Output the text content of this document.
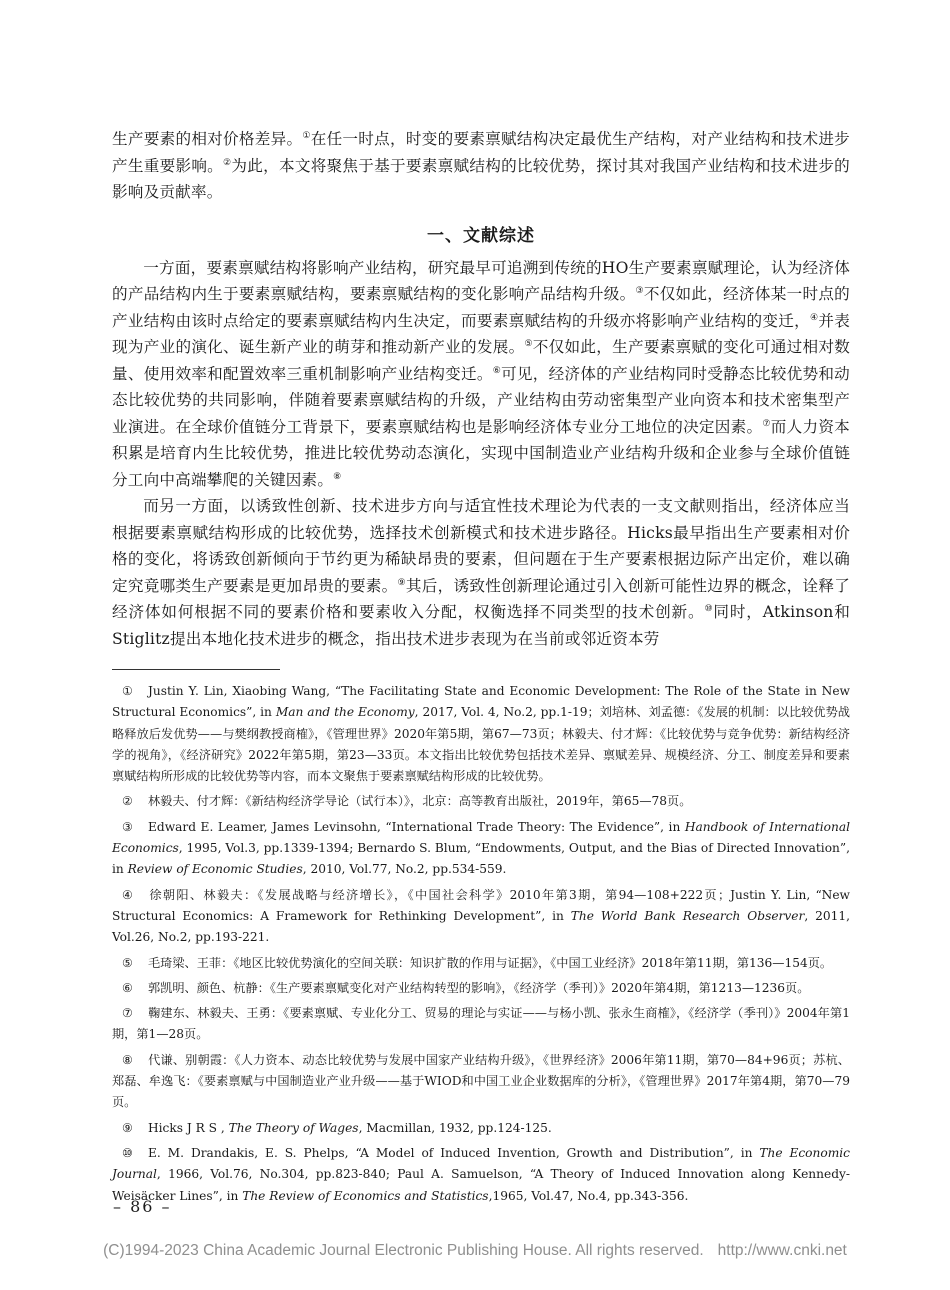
生产要素的相对价格差异。①在任一时点，时变的要素禀赋结构决定最优生产结构，对产业结构和技术进步产生重要影响。②为此，本文将聚焦于基于要素禀赋结构的比较优势，探讨其对我国产业结构和技术进步的影响及贡献率。

一、文献综述

一方面，要素禀赋结构将影响产业结构，研究最早可追溯到传统的HO生产要素禀赋理论，认为经济体的产品结构内生于要素禀赋结构，要素禀赋结构的变化影响产品结构升级。③不仅如此，经济体某一时点的产业结构由该时点给定的要素禀赋结构内生决定，而要素禀赋结构的升级亦将影响产业结构的变迁，④并表现为产业的演化、诞生新产业的萌芽和推动新产业的发展。⑤不仅如此，生产要素禀赋的变化可通过相对数量、使用效率和配置效率三重机制影响产业结构变迁。⑥可见，经济体的产业结构同时受静态比较优势和动态比较优势的共同影响，伴随着要素禀赋结构的升级，产业结构由劳动密集型产业向资本和技术密集型产业演进。在全球价值链分工背景下，要素禀赋结构也是影响经济体专业分工地位的决定因素。⑦而人力资本积累是培育内生比较优势，推进比较优势动态演化，实现中国制造业产业结构升级和企业参与全球价值链分工向中高端攀爬的关键因素。⑧

而另一方面，以诱致性创新、技术进步方向与适宜性技术理论为代表的一支文献则指出，经济体应当根据要素禀赋结构形成的比较优势，选择技术创新模式和技术进步路径。Hicks最早指出生产要素相对价格的变化，将诱致创新倾向于节约更为稀缺昂贵的要素，但问题在于生产要素根据边际产出定价，难以确定究竟哪类生产要素是更加昂贵的要素。⑨其后，诱致性创新理论通过引入创新可能性边界的概念，诠释了经济体如何根据不同的要素价格和要素收入分配，权衡选择不同类型的技术创新。⑩同时，Atkinson和Stiglitz提出本地化技术进步的概念，指出技术进步表现为在当前或邻近资本劳

① Justin Y. Lin, Xiaobing Wang, “The Facilitating State and Economic Development: The Role of the State in New Structural Economics”, in Man and the Economy, 2017, Vol. 4, No.2, pp.1-19；刘培林、刘孟德：《发展的机制：以比较优势战略释放后发优势——与樊纲教授商榷》，《管理世界》2020年第5期，第67—73页；林毅夫、付才辉：《比较优势与竞争优势：新结构经济学的视角》，《经济研究》2022年第5期，第23—33页。本文指出比较优势包括技术差异、禀赋差异、规模经济、分工、制度差异和要素禀赋结构所形成的比较优势等内容，而本文聚焦于要素禀赋结构形成的比较优势。

② 林毅夫、付才辉：《新结构经济学导论（试行本）》，北京：高等教育出版社，2019年，第65—78页。

③ Edward E. Leamer, James Levinsohn, “International Trade Theory: The Evidence”, in Handbook of International Economics, 1995, Vol.3, pp.1339-1394; Bernardo S. Blum, “Endowments, Output, and the Bias of Directed Innovation”, in Review of Economic Studies, 2010, Vol.77, No.2, pp.534-559.

④ 徐朝阳、林毅夫：《发展战略与经济增长》，《中国社会科学》2010年第3期，第94—108+222页；Justin Y. Lin, “New Structural Economics: A Framework for Rethinking Development”, in The World Bank Research Observer, 2011, Vol.26, No.2, pp.193-221.

⑤ 毛琦梁、王菲：《地区比较优势演化的空间关联：知识扩散的作用与证据》，《中国工业经济》2018年第11期，第136—154页。

⑥ 郭凯明、颜色、杭静：《生产要素禀赋变化对产业结构转型的影响》，《经济学（季刊）》2020年第4期，第1213—1236页。

⑦ 鞠建东、林毅夫、王勇：《要素禀赋、专业化分工、贸易的理论与实证——与杨小凯、张永生商榷》，《经济学（季刊）》2004年第1期，第1—28页。

⑧ 代谦、别朝霞：《人力资本、动态比较优势与发展中国家产业结构升级》，《世界经济》2006年第11期，第70—84+96页；苏杭、郑磊、牟逸飞：《要素禀赋与中国制造业产业升级——基于WIOD和中国工业企业数据库的分析》，《管理世界》2017年第4期，第70—79页。

⑨ Hicks J R S , The Theory of Wages, Macmillan, 1932, pp.124-125.

⑩ E. M. Drandakis, E. S. Phelps, “A Model of Induced Invention, Growth and Distribution”, in The Economic Journal, 1966, Vol.76, No.304, pp.823-840; Paul A. Samuelson, “A Theory of Induced Innovation along Kennedy-Weisäcker Lines”, in The Review of Economics and Statistics,1965, Vol.47, No.4, pp.343-356.

– 86 –
(C)1994-2023 China Academic Journal Electronic Publishing House. All rights reserved. http://www.cnki.net
